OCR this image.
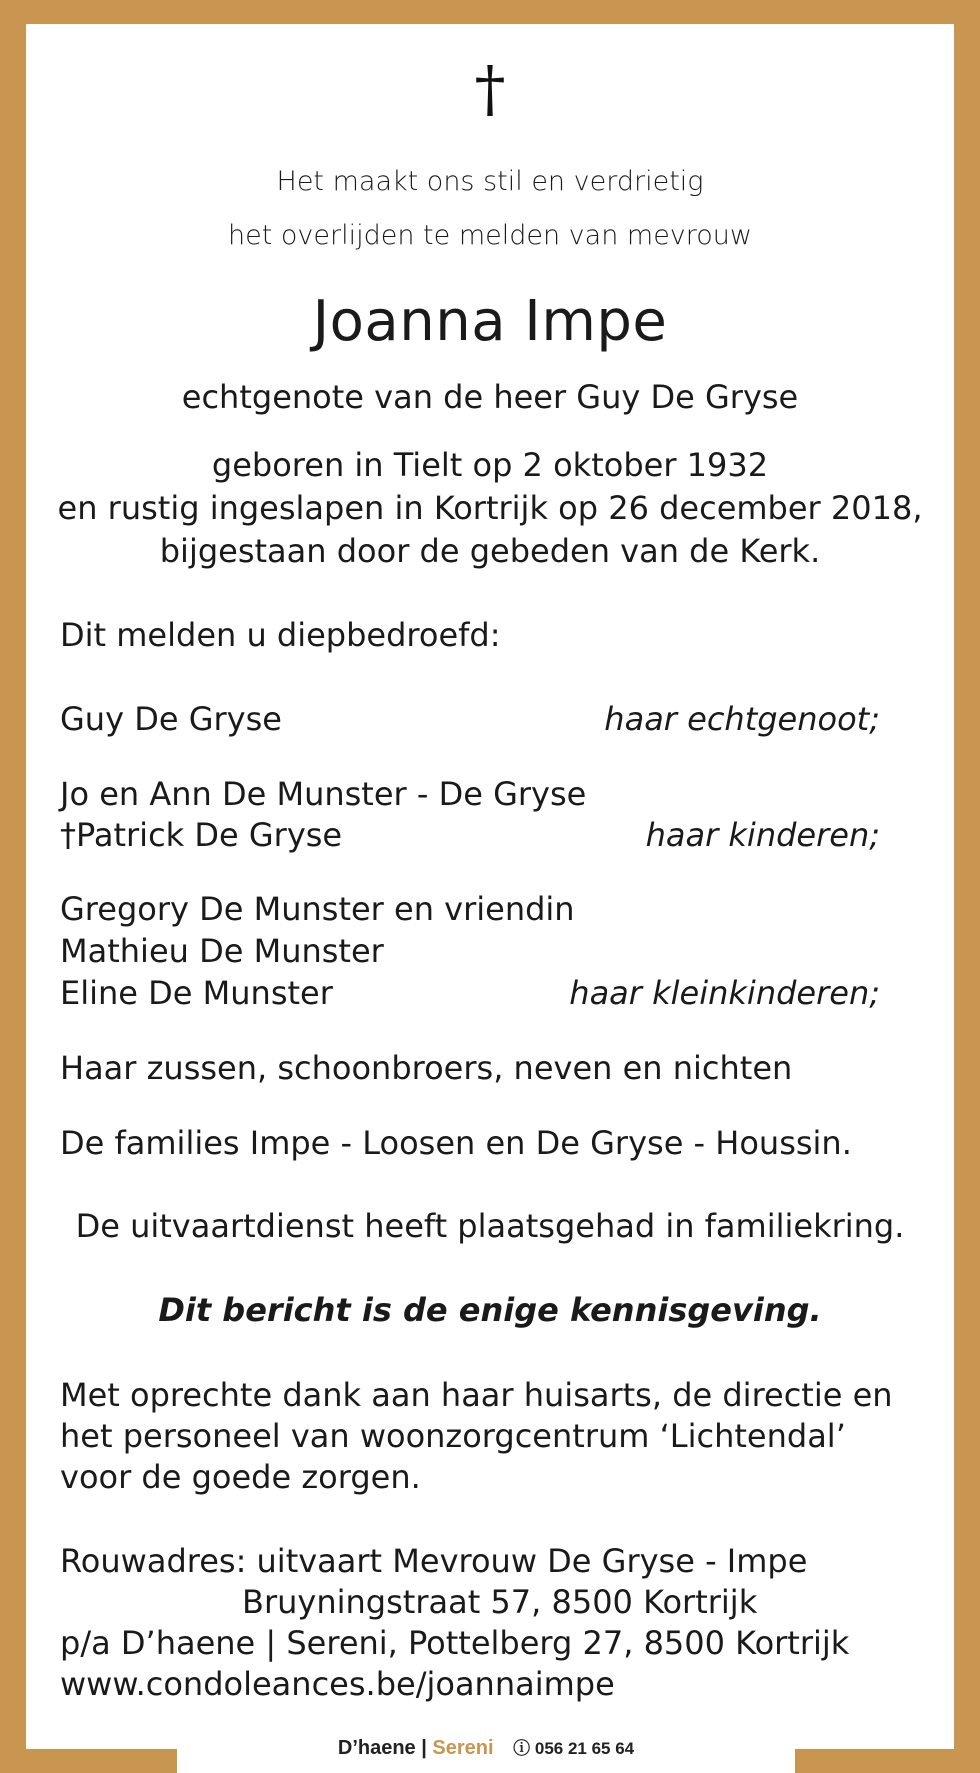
†
Het maakt ons stil en verdrietig
het overlijden te melden van mevrouw
Joanna Impe
echtgenote van de heer Guy De Gryse
geboren in Tielt op 2 oktober 1932
en rustig ingeslapen in Kortrijk op 26 december 2018,
bijgestaan door de gebeden van de Kerk.
Dit melden u diepbedroefd:
Guy De Gryse	haar echtgenoot;
Jo en Ann De Munster - De Gryse
†Patrick De Gryse	haar kinderen;
Gregory De Munster en vriendin
Mathieu De Munster
Eline De Munster	haar kleinkinderen;
Haar zussen, schoonbroers, neven en nichten
De families Impe - Loosen en De Gryse - Houssin.
De uitvaartdienst heeft plaatsgehad in familiekring.
Dit bericht is de enige kennisgeving.
Met oprechte dank aan haar huisarts, de directie en
het personeel van woonzorgcentrum ‘Lichtendal’
voor de goede zorgen.
Rouwadres: uitvaart Mevrouw De Gryse - Impe
Bruyningstraat 57, 8500 Kortrijk
p/a D’haene | Sereni, Pottelberg 27, 8500 Kortrijk
www.condoleances.be/joannaimpe
D’haene | Sereni ⓘ 056 21 65 64
